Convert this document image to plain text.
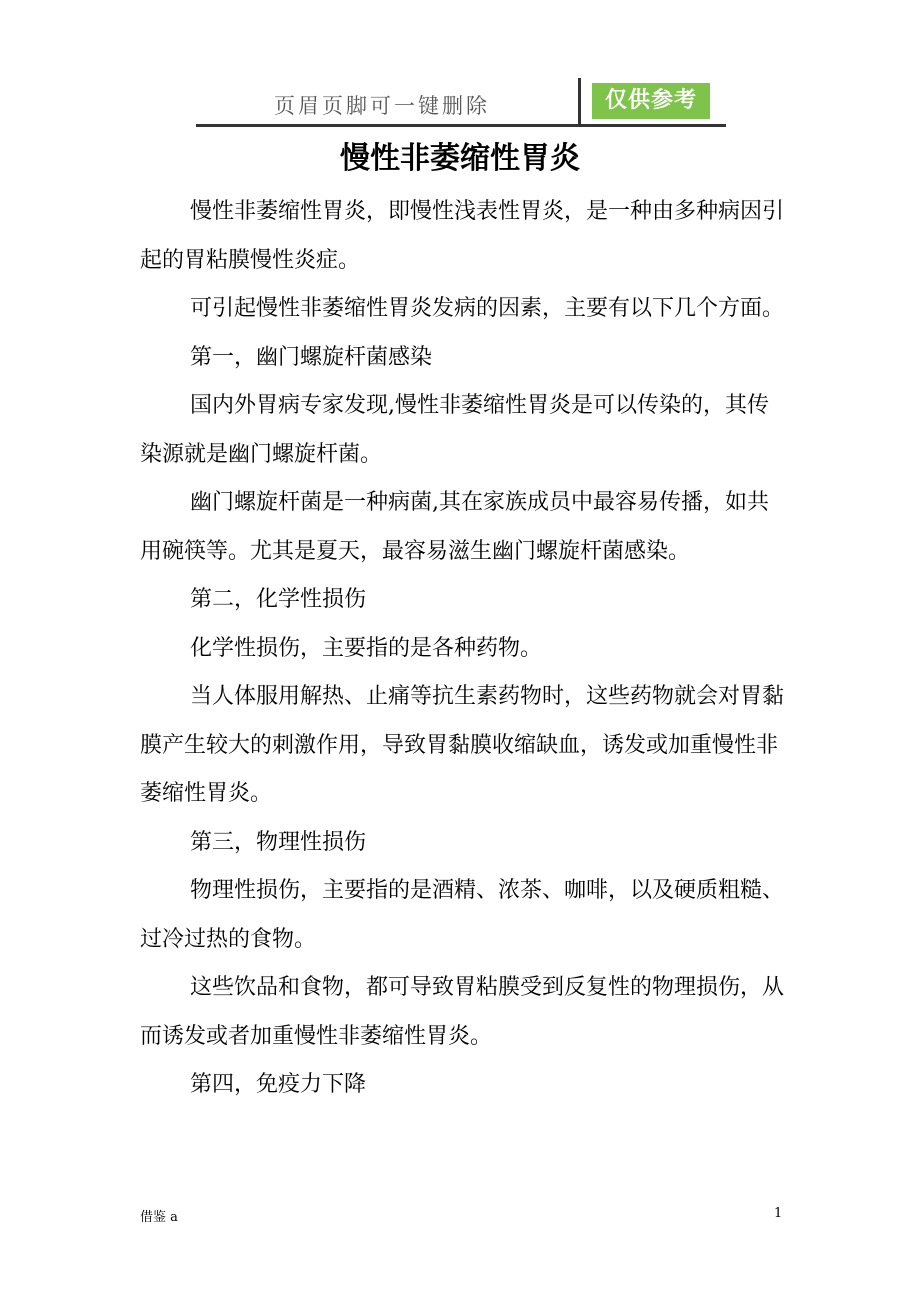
页眉页脚可一键删除	仅供参考
慢性非萎缩性胃炎

慢性非萎缩性胃炎，即慢性浅表性胃炎，是一种由多种病因引起的胃粘膜慢性炎症。

可引起慢性非萎缩性胃炎发病的因素，主要有以下几个方面。

第一，幽门螺旋杆菌感染

国内外胃病专家发现,慢性非萎缩性胃炎是可以传染的，其传染源就是幽门螺旋杆菌。

幽门螺旋杆菌是一种病菌,其在家族成员中最容易传播，如共用碗筷等。尤其是夏天，最容易滋生幽门螺旋杆菌感染。

第二，化学性损伤

化学性损伤，主要指的是各种药物。

当人体服用解热、止痛等抗生素药物时，这些药物就会对胃黏膜产生较大的刺激作用，导致胃黏膜收缩缺血，诱发或加重慢性非萎缩性胃炎。

第三，物理性损伤

物理性损伤，主要指的是酒精、浓茶、咖啡，以及硬质粗糙、过冷过热的食物。

这些饮品和食物，都可导致胃粘膜受到反复性的物理损伤，从而诱发或者加重慢性非萎缩性胃炎。

第四，免疫力下降

借鉴 a	1
